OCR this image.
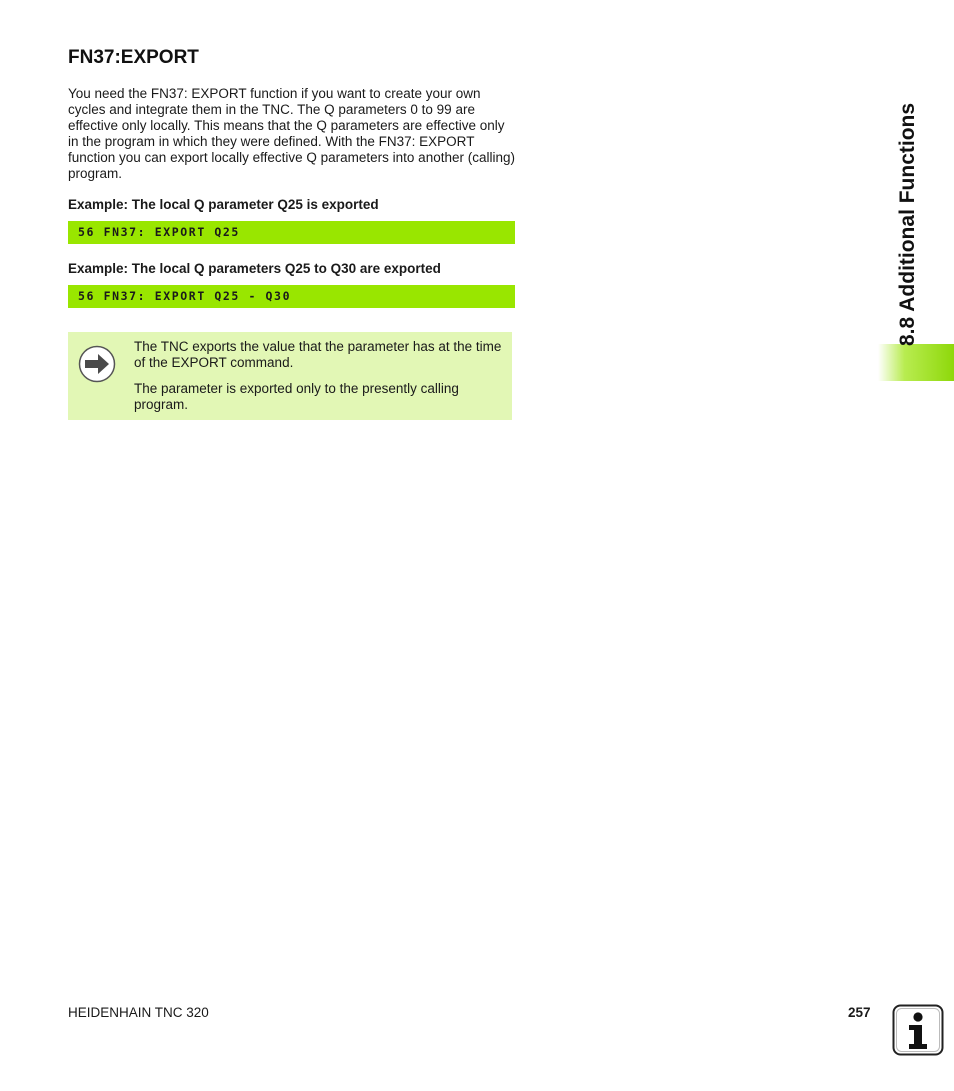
FN37:EXPORT

You need the FN37: EXPORT function if you want to create your own cycles and integrate them in the TNC. The Q parameters 0 to 99 are effective only locally. This means that the Q parameters are effective only in the program in which they were defined. With the FN37: EXPORT function you can export locally effective Q parameters into another (calling) program.

Example: The local Q parameter Q25 is exported

56 FN37: EXPORT Q25

Example: The local Q parameters Q25 to Q30 are exported

56 FN37: EXPORT Q25 - Q30

The TNC exports the value that the parameter has at the time of the EXPORT command.

The parameter is exported only to the presently calling program.

8.8 Additional Functions
HEIDENHAIN TNC 320	257
